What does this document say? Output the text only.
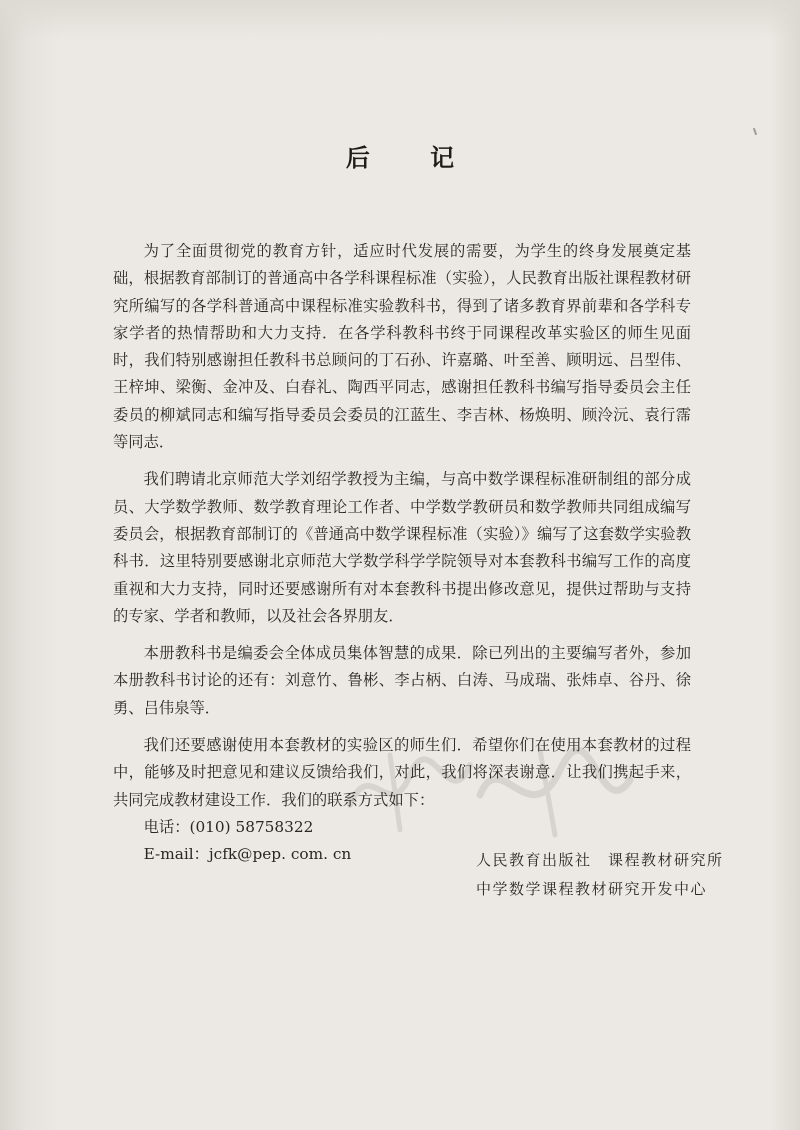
后 记

为了全面贯彻党的教育方针，适应时代发展的需要，为学生的终身发展奠定基础，根据教育部制订的普通高中各学科课程标准（实验），人民教育出版社课程教材研究所编写的各学科普通高中课程标准实验教科书，得到了诸多教育界前辈和各学科专家学者的热情帮助和大力支持．在各学科教科书终于同课程改革实验区的师生见面时，我们特别感谢担任教科书总顾问的丁石孙、许嘉璐、叶至善、顾明远、吕型伟、王梓坤、梁衡、金冲及、白春礼、陶西平同志，感谢担任教科书编写指导委员会主任委员的柳斌同志和编写指导委员会委员的江蓝生、李吉林、杨焕明、顾泠沅、袁行霈等同志．

我们聘请北京师范大学刘绍学教授为主编，与高中数学课程标准研制组的部分成员、大学数学教师、数学教育理论工作者、中学数学教研员和数学教师共同组成编写委员会，根据教育部制订的《普通高中数学课程标准（实验）》编写了这套数学实验教科书．这里特别要感谢北京师范大学数学科学学院领导对本套教科书编写工作的高度重视和大力支持，同时还要感谢所有对本套教科书提出修改意见，提供过帮助与支持的专家、学者和教师，以及社会各界朋友．

本册教科书是编委会全体成员集体智慧的成果．除已列出的主要编写者外，参加本册教科书讨论的还有：刘意竹、鲁彬、李占柄、白涛、马成瑞、张炜卓、谷丹、徐勇、吕伟泉等．

我们还要感谢使用本套教材的实验区的师生们．希望你们在使用本套教材的过程中，能够及时把意见和建议反馈给我们，对此，我们将深表谢意．让我们携起手来，共同完成教材建设工作．我们的联系方式如下：

电话：(010) 58758322
E-mail：jcfk@pep. com. cn	人民教育出版社　课程教材研究所
中学数学课程教材研究开发中心
